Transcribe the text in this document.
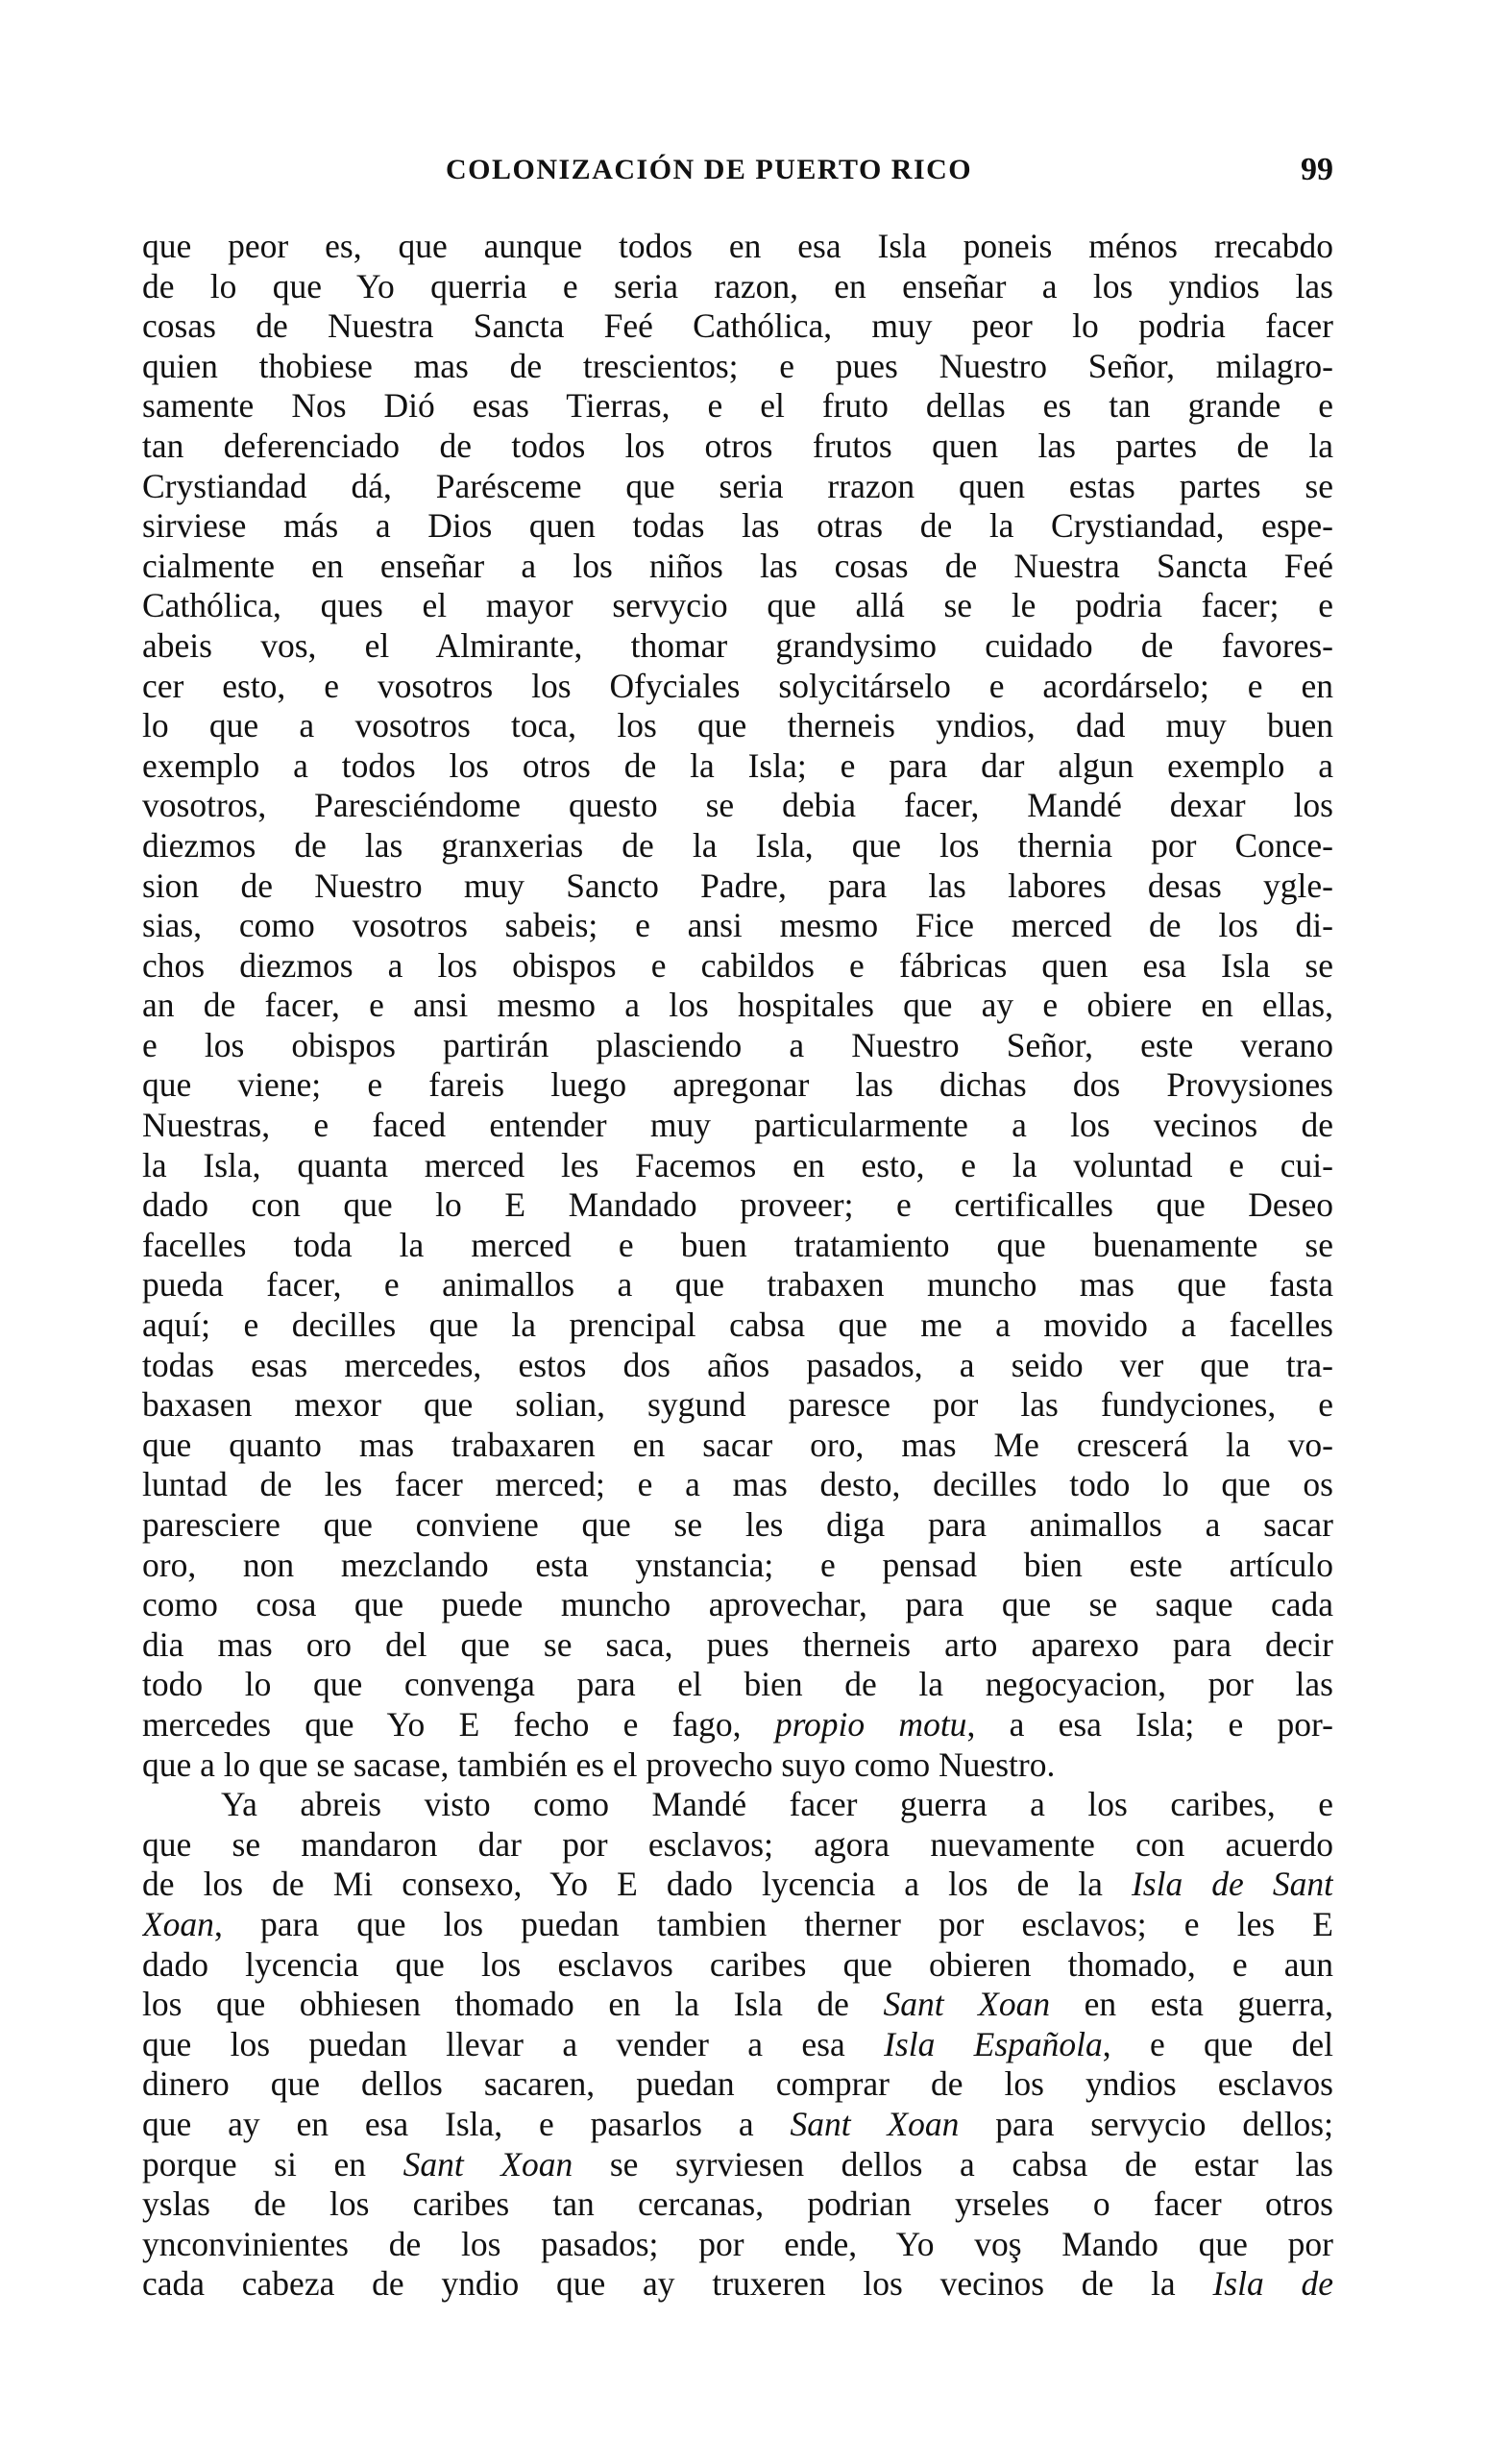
COLONIZACIÓN DE PUERTO RICO	99
que peor es, que aunque todos en esa Isla poneis ménos rrecabdo
de lo que Yo querria e seria razon, en enseñar a los yndios las
cosas de Nuestra Sancta Feé Cathólica, muy peor lo podria facer
quien thobiese mas de trescientos; e pues Nuestro Señor, milagro-
samente Nos Dió esas Tierras, e el fruto dellas es tan grande e
tan deferenciado de todos los otros frutos quen las partes de la
Crystiandad dá, Parésceme que seria rrazon quen estas partes se
sirviese más a Dios quen todas las otras de la Crystiandad, espe-
cialmente en enseñar a los niños las cosas de Nuestra Sancta Feé
Cathólica, ques el mayor servycio que allá se le podria facer; e
abeis vos, el Almirante, thomar grandysimo cuidado de favores-
cer esto, e vosotros los Ofyciales solycitárselo e acordárselo; e en
lo que a vosotros toca, los que therneis yndios, dad muy buen
exemplo a todos los otros de la Isla; e para dar algun exemplo a
vosotros, Paresciéndome questo se debia facer, Mandé dexar los
diezmos de las granxerias de la Isla, que los thernia por Conce-
sion de Nuestro muy Sancto Padre, para las labores desas ygle-
sias, como vosotros sabeis; e ansi mesmo Fice merced de los di-
chos diezmos a los obispos e cabildos e fábricas quen esa Isla se
an de facer, e ansi mesmo a los hospitales que ay e obiere en ellas,
e los obispos partirán plasciendo a Nuestro Señor, este verano
que viene; e fareis luego apregonar las dichas dos Provysiones
Nuestras, e faced entender muy particularmente a los vecinos de
la Isla, quanta merced les Facemos en esto, e la voluntad e cui-
dado con que lo E Mandado proveer; e certificalles que Deseo
facelles toda la merced e buen tratamiento que buenamente se
pueda facer, e animallos a que trabaxen muncho mas que fasta
aquí; e decilles que la prencipal cabsa que me a movido a facelles
todas esas mercedes, estos dos años pasados, a seido ver que tra-
baxasen mexor que solian, sygund paresce por las fundyciones, e
que quanto mas trabaxaren en sacar oro, mas Me crescerá la vo-
luntad de les facer merced; e a mas desto, decilles todo lo que os
paresciere que conviene que se les diga para animallos a sacar
oro, non mezclando esta ynstancia; e pensad bien este artículo
como cosa que puede muncho aprovechar, para que se saque cada
dia mas oro del que se saca, pues therneis arto aparexo para decir
todo lo que convenga para el bien de la negocyacion, por las
mercedes que Yo E fecho e fago, propio motu, a esa Isla; e por-
que a lo que se sacase, también es el provecho suyo como Nuestro.
Ya abreis visto como Mandé facer guerra a los caribes, e
que se mandaron dar por esclavos; agora nuevamente con acuerdo
de los de Mi consexo, Yo E dado lycencia a los de la Isla de Sant
Xoan, para que los puedan tambien therner por esclavos; e les E
dado lycencia que los esclavos caribes que obieren thomado, e aun
los que obhiesen thomado en la Isla de Sant Xoan en esta guerra,
que los puedan llevar a vender a esa Isla Española, e que del
dinero que dellos sacaren, puedan comprar de los yndios esclavos
que ay en esa Isla, e pasarlos a Sant Xoan para servycio dellos;
porque si en Sant Xoan se syrviesen dellos a cabsa de estar las
yslas de los caribes tan cercanas, podrian yrseles o facer otros
ynconvinientes de los pasados; por ende, Yo voş Mando que por
cada cabeza de yndio que ay truxeren los vecinos de la Isla de
